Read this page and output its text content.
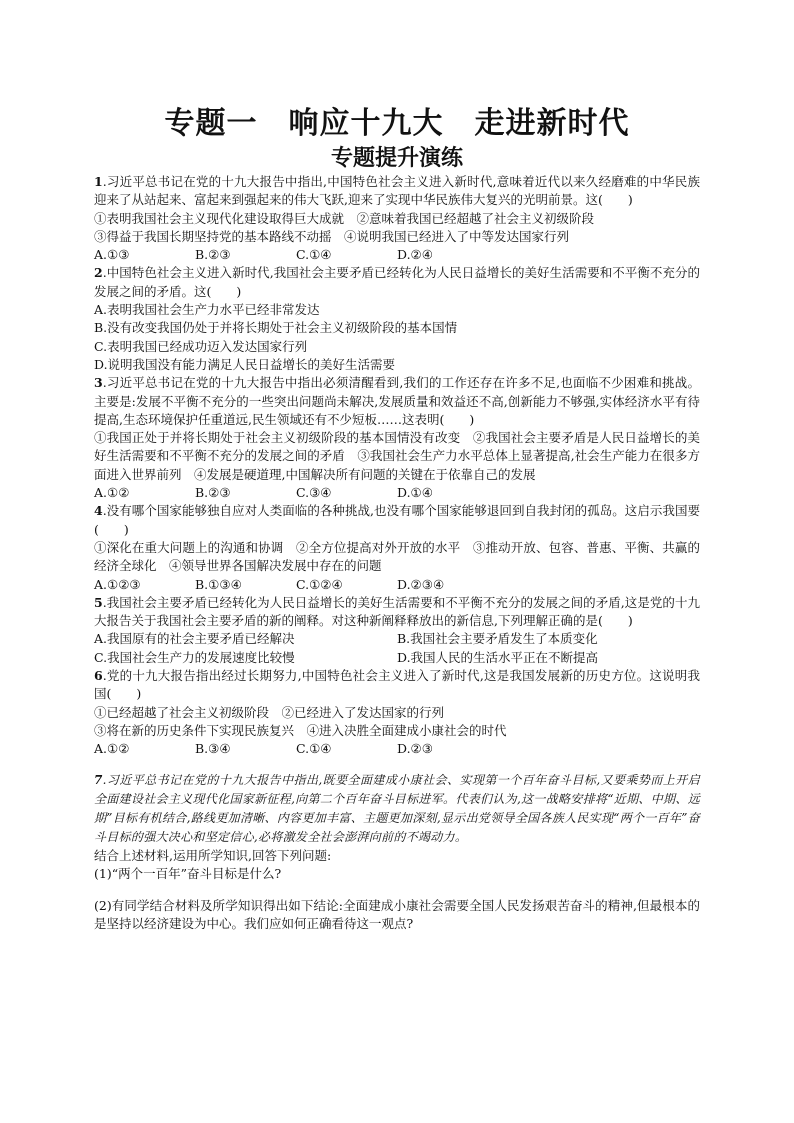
专题一　响应十九大　走进新时代
专题提升演练
1.习近平总书记在党的十九大报告中指出,中国特色社会主义进入新时代,意味着近代以来久经磨难的中华民族迎来了从站起来、富起来到强起来的伟大飞跃,迎来了实现中华民族伟大复兴的光明前景。这(　　)
①表明我国社会主义现代化建设取得巨大成就　②意味着我国已经超越了社会主义初级阶段
③得益于我国长期坚持党的基本路线不动摇　④说明我国已经进入了中等发达国家行列
A.①③	B.②③	C.①④	D.②④
2.中国特色社会主义进入新时代,我国社会主要矛盾已经转化为人民日益增长的美好生活需要和不平衡不充分的发展之间的矛盾。这(　　)
A.表明我国社会生产力水平已经非常发达
B.没有改变我国仍处于并将长期处于社会主义初级阶段的基本国情
C.表明我国已经成功迈入发达国家行列
D.说明我国没有能力满足人民日益增长的美好生活需要
3.习近平总书记在党的十九大报告中指出必须清醒看到,我们的工作还存在许多不足,也面临不少困难和挑战。主要是:发展不平衡不充分的一些突出问题尚未解决,发展质量和效益还不高,创新能力不够强,实体经济水平有待提高,生态环境保护任重道远,民生领域还有不少短板……这表明(　　)
①我国正处于并将长期处于社会主义初级阶段的基本国情没有改变　②我国社会主要矛盾是人民日益增长的美好生活需要和不平衡不充分的发展之间的矛盾　③我国社会生产力水平总体上显著提高,社会生产能力在很多方面进入世界前列　④发展是硬道理,中国解决所有问题的关键在于依靠自己的发展
A.①②	B.②③	C.③④	D.①④
4.没有哪个国家能够独自应对人类面临的各种挑战,也没有哪个国家能够退回到自我封闭的孤岛。这启示我国要(　　)
①深化在重大问题上的沟通和协调　②全方位提高对外开放的水平　③推动开放、包容、普惠、平衡、共赢的经济全球化　④领导世界各国解决发展中存在的问题
A.①②③	B.①③④	C.①②④	D.②③④
5.我国社会主要矛盾已经转化为人民日益增长的美好生活需要和不平衡不充分的发展之间的矛盾,这是党的十九大报告关于我国社会主要矛盾的新的阐释。对这种新阐释释放出的新信息,下列理解正确的是(　　)
A.我国原有的社会主要矛盾已经解决	B.我国社会主要矛盾发生了本质变化
C.我国社会生产力的发展速度比较慢	D.我国人民的生活水平正在不断提高
6.党的十九大报告指出经过长期努力,中国特色社会主义进入了新时代,这是我国发展新的历史方位。这说明我国(　　)
①已经超越了社会主义初级阶段　②已经进入了发达国家的行列
③将在新的历史条件下实现民族复兴　④进入决胜全面建成小康社会的时代
A.①②	B.③④	C.①④	D.②③
7.习近平总书记在党的十九大报告中指出,既要全面建成小康社会、实现第一个百年奋斗目标,又要乘势而上开启全面建设社会主义现代化国家新征程,向第二个百年奋斗目标进军。代表们认为,这一战略安排将“近期、中期、远期”目标有机结合,路线更加清晰、内容更加丰富、主题更加深刻,显示出党领导全国各族人民实现“两个一百年”奋斗目标的强大决心和坚定信心,必将激发全社会澎湃向前的不竭动力。
结合上述材料,运用所学知识,回答下列问题:
(1)“两个一百年”奋斗目标是什么?
(2)有同学结合材料及所学知识得出如下结论:全面建成小康社会需要全国人民发扬艰苦奋斗的精神,但最根本的是坚持以经济建设为中心。我们应如何正确看待这一观点?
